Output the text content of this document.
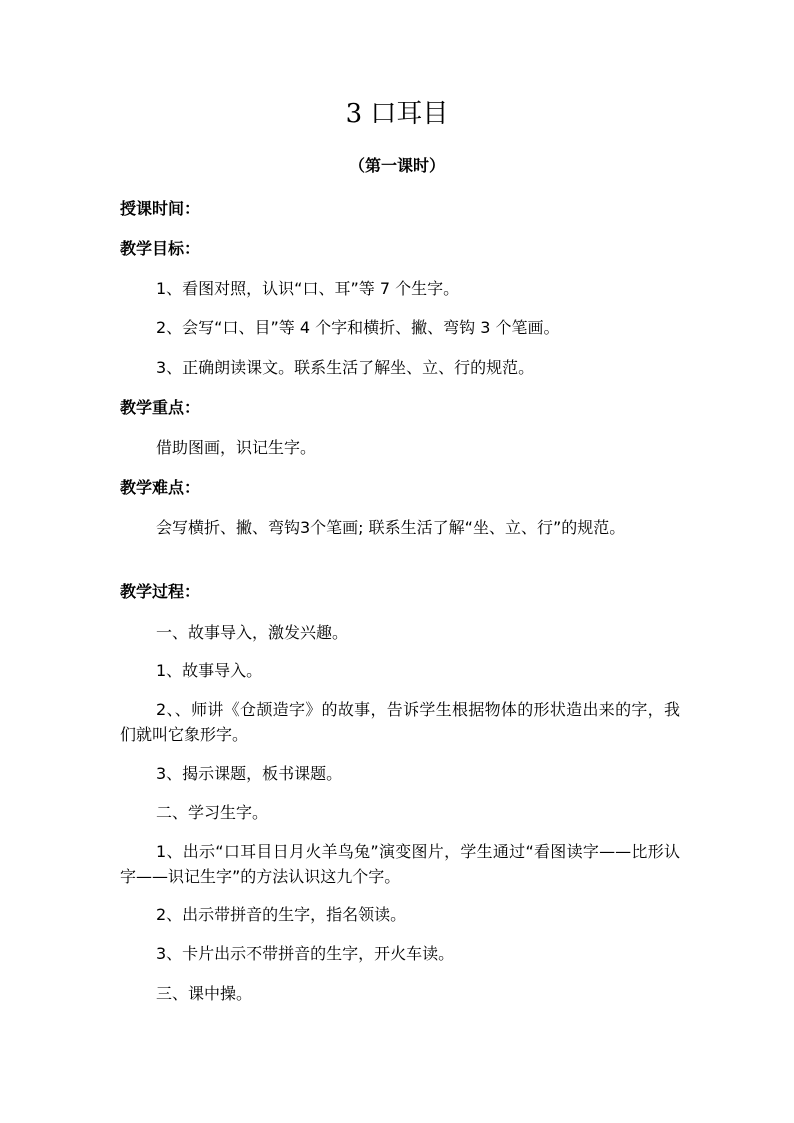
3 口耳目
（第一课时）
授课时间：
教学目标：
1、看图对照，认识“口、耳”等 7 个生字。
2、会写“口、目”等 4 个字和横折、撇、弯钩 3 个笔画。
3、正确朗读课文。联系生活了解坐、立、行的规范。
教学重点：
借助图画，识记生字。
教学难点：
会写横折、撇、弯钩3个笔画; 联系生活了解“坐、立、行”的规范。
教学过程：
一、故事导入，激发兴趣。
1、故事导入。
2、、师讲《仓颉造字》的故事，告诉学生根据物体的形状造出来的字，我们就叫它象形字。
3、揭示课题，板书课题。
二、学习生字。
1、出示“口耳目日月火羊鸟兔”演变图片，学生通过“看图读字——比形认字——识记生字”的方法认识这九个字。
2、出示带拼音的生字，指名领读。
3、卡片出示不带拼音的生字，开火车读。
三、课中操。
